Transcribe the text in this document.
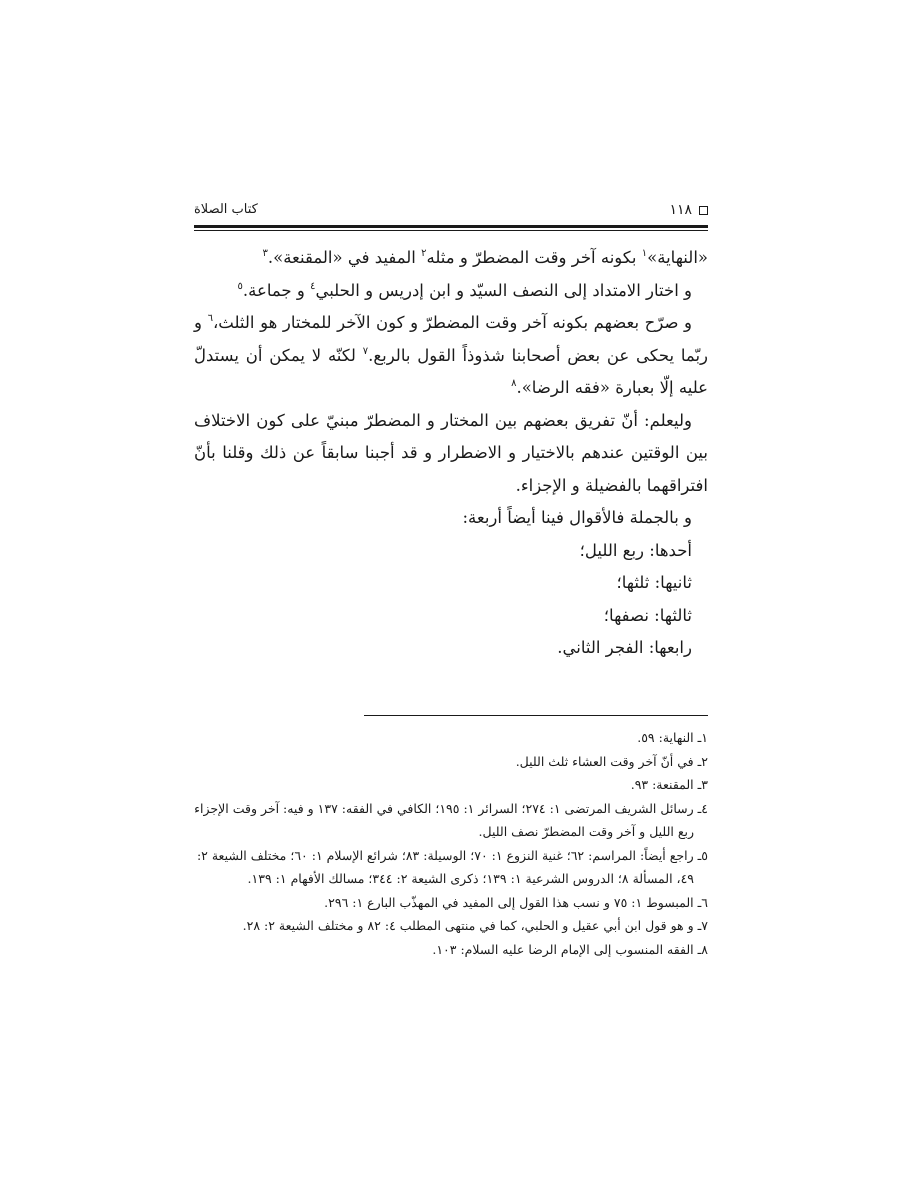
١١٨
كتاب الصلاة

«النهاية»$^١$ بكونه آخر وقت المضطرّ و مثله$^٢$ المفيد في «المقنعة».$^٣$

و اختار الامتداد إلى النصف السيّد و ابن إدريس و الحلبي$^٤$ و جماعة.$^٥$

و صرّح بعضهم بكونه آخر وقت المضطرّ و كون الآخر للمختار هو الثلث،$^٦$ و ربّما يحكى عن بعض أصحابنا شذوذاً القول بالربع.$^٧$ لكنّه لا يمكن أن يستدلّ عليه إلّا بعبارة «فقه الرضا».$^٨$

وليعلم: أنّ تفريق بعضهم بين المختار و المضطرّ مبنيّ على كون الاختلاف بين الوقتين عندهم بالاختيار و الاضطرار و قد أجبنا سابقاً عن ذلك وقلنا بأنّ افتراقهما بالفضيلة و الإجزاء.

و بالجملة فالأقوال فينا أيضاً أربعة:

أحدها: ربع الليل؛

ثانيها: ثلثها؛

ثالثها: نصفها؛

رابعها: الفجر الثاني.

١ـ النهاية: ٥٩.

٢ـ في أنّ آخر وقت العشاء ثلث الليل.

٣ـ المقنعة: ٩٣.

٤ـ رسائل الشريف المرتضى ١: ٢٧٤؛ السرائر ١: ١٩٥؛ الكافي في الفقه: ١٣٧ و فيه: آخر وقت الإجزاء

ربع الليل و آخر وقت المضطرّ نصف الليل.

٥ـ راجع أيضاً: المراسم: ٦٢؛ غنية النزوع ١: ٧٠؛ الوسيلة: ٨٣؛ شرائع الإسلام ١: ٦٠؛ مختلف الشيعة ٢:

٤٩، المسألة ٨؛ الدروس الشرعية ١: ١٣٩؛ ذكرى الشيعة ٢: ٣٤٤؛ مسالك الأفهام ١: ١٣٩.

٦ـ المبسوط ١: ٧٥ و نسب هذا القول إلى المفيد في المهذّب البارع ١: ٢٩٦.

٧ـ و هو قول ابن أبي عقيل و الحلبي، كما في منتهى المطلب ٤: ٨٢ و مختلف الشيعة ٢: ٢٨.

٨ـ الفقه المنسوب إلى الإمام الرضا عليه السلام: ١٠٣.
